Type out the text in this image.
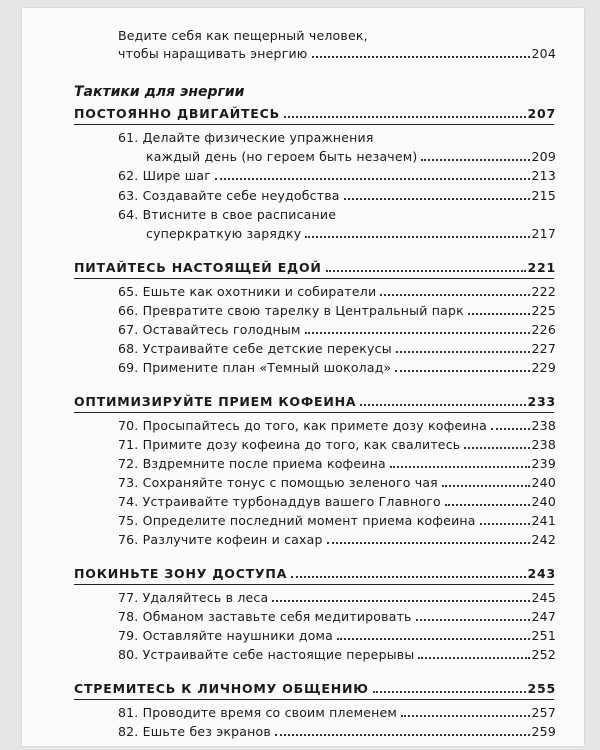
Ведите себя как пещерный человек,
чтобы наращивать энергию	204
Тактики для энергии
ПОСТОЯННО ДВИГАЙТЕСЬ	207
61. Делайте физические упражнения
каждый день (но героем быть незачем)	209
62. Шире шаг	213
63. Создавайте себе неудобства	215
64. Втисните в свое расписание
суперкраткую зарядку	217
ПИТАЙТЕСЬ НАСТОЯЩЕЙ ЕДОЙ	221
65. Ешьте как охотники и собиратели	222
66. Превратите свою тарелку в Центральный парк	225
67. Оставайтесь голодным	226
68. Устраивайте себе детские перекусы	227
69. Примените план «Темный шоколад»	229
ОПТИМИЗИРУЙТЕ ПРИЕМ КОФЕИНА	233
70. Просыпайтесь до того, как примете дозу кофеина	238
71. Примите дозу кофеина до того, как свалитесь	238
72. Вздремните после приема кофеина	239
73. Сохраняйте тонус с помощью зеленого чая	240
74. Устраивайте турбонаддув вашего Главного	240
75. Определите последний момент приема кофеина	241
76. Разлучите кофеин и сахар	242
ПОКИНЬТЕ ЗОНУ ДОСТУПА	243
77. Удаляйтесь в леса	245
78. Обманом заставьте себя медитировать	247
79. Оставляйте наушники дома	251
80. Устраивайте себе настоящие перерывы	252
СТРЕМИТЕСЬ К ЛИЧНОМУ ОБЩЕНИЮ	255
81. Проводите время со своим племенем	257
82. Ешьте без экранов	259
